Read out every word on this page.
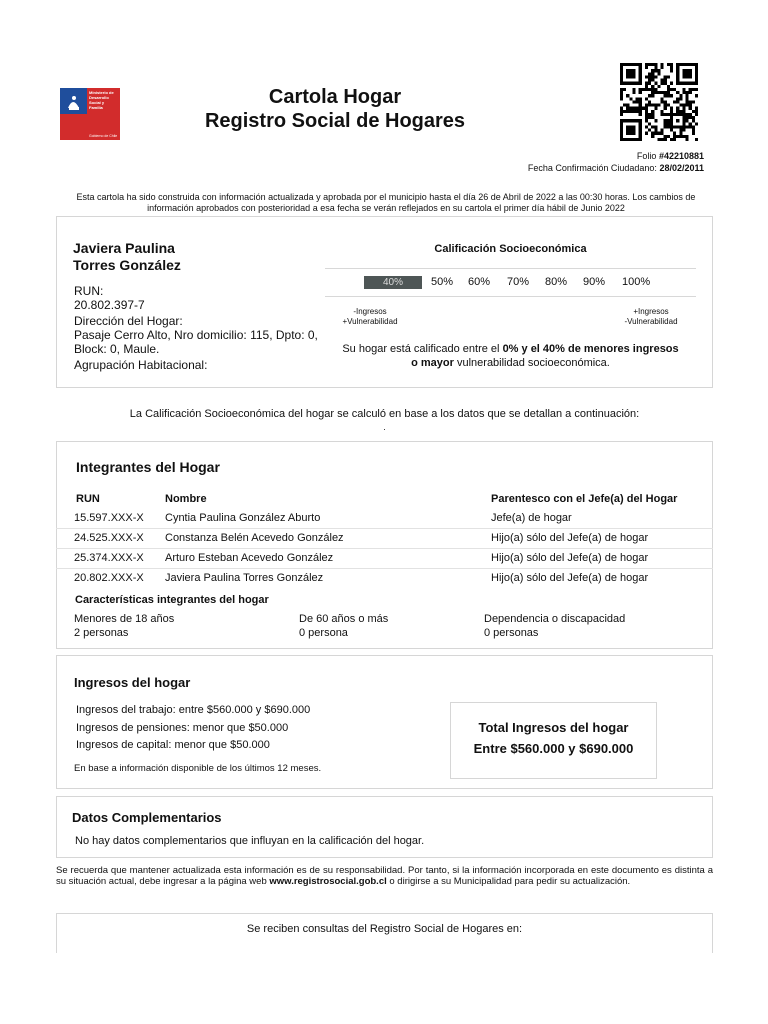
Ministerio de
Desarrollo
Social y
Familia
Gobierno de Chile
Cartola Hogar
Registro Social de Hogares
Folio #42210881
Fecha Confirmación Ciudadano: 28/02/2011
Esta cartola ha sido construida con información actualizada y aprobada por el municipio hasta el día 26 de Abril de 2022 a las 00:30 horas. Los cambios de
información aprobados con posterioridad a esa fecha se verán reflejados en su cartola el primer día hábil de Junio 2022
Javiera Paulina
Torres González
RUN:
20.802.397-7
Dirección del Hogar:
Pasaje Cerro Alto, Nro domicilio: 115, Dpto: 0,
Block: 0, Maule.
Agrupación Habitacional:
Calificación Socioeconómica
40%	50% 60% 70% 80% 90% 100%
-Ingresos
+Vulnerabilidad
+Ingresos
-Vulnerabilidad
Su hogar está calificado entre el 0% y el 40% de menores ingresos
o mayor vulnerabilidad socioeconómica.
La Calificación Socioeconómica del hogar se calculó en base a los datos que se detallan a continuación:
.
Integrantes del Hogar
RUN	Nombre	Parentesco con el Jefe(a) del Hogar
15.597.XXX-X Cyntia Paulina González Aburto	Jefe(a) de hogar
24.525.XXX-X Constanza Belén Acevedo González	Hijo(a) sólo del Jefe(a) de hogar
25.374.XXX-X Arturo Esteban Acevedo González	Hijo(a) sólo del Jefe(a) de hogar
20.802.XXX-X Javiera Paulina Torres González	Hijo(a) sólo del Jefe(a) de hogar
Características integrantes del hogar
Menores de 18 años
2 personas
De 60 años o más
0 persona
Dependencia o discapacidad
0 personas
Ingresos del hogar
Ingresos del trabajo: entre $560.000 y $690.000
Ingresos de pensiones: menor que $50.000
Ingresos de capital: menor que $50.000
En base a información disponible de los últimos 12 meses.
Total Ingresos del hogar
Entre $560.000 y $690.000
Datos Complementarios
No hay datos complementarios que influyan en la calificación del hogar.
Se recuerda que mantener actualizada esta información es de su responsabilidad. Por tanto, si la información incorporada en este documento es distinta a su situación actual, debe ingresar a la página web www.registrosocial.gob.cl o dirigirse a su Municipalidad para pedir su actualización.
Se reciben consultas del Registro Social de Hogares en:
